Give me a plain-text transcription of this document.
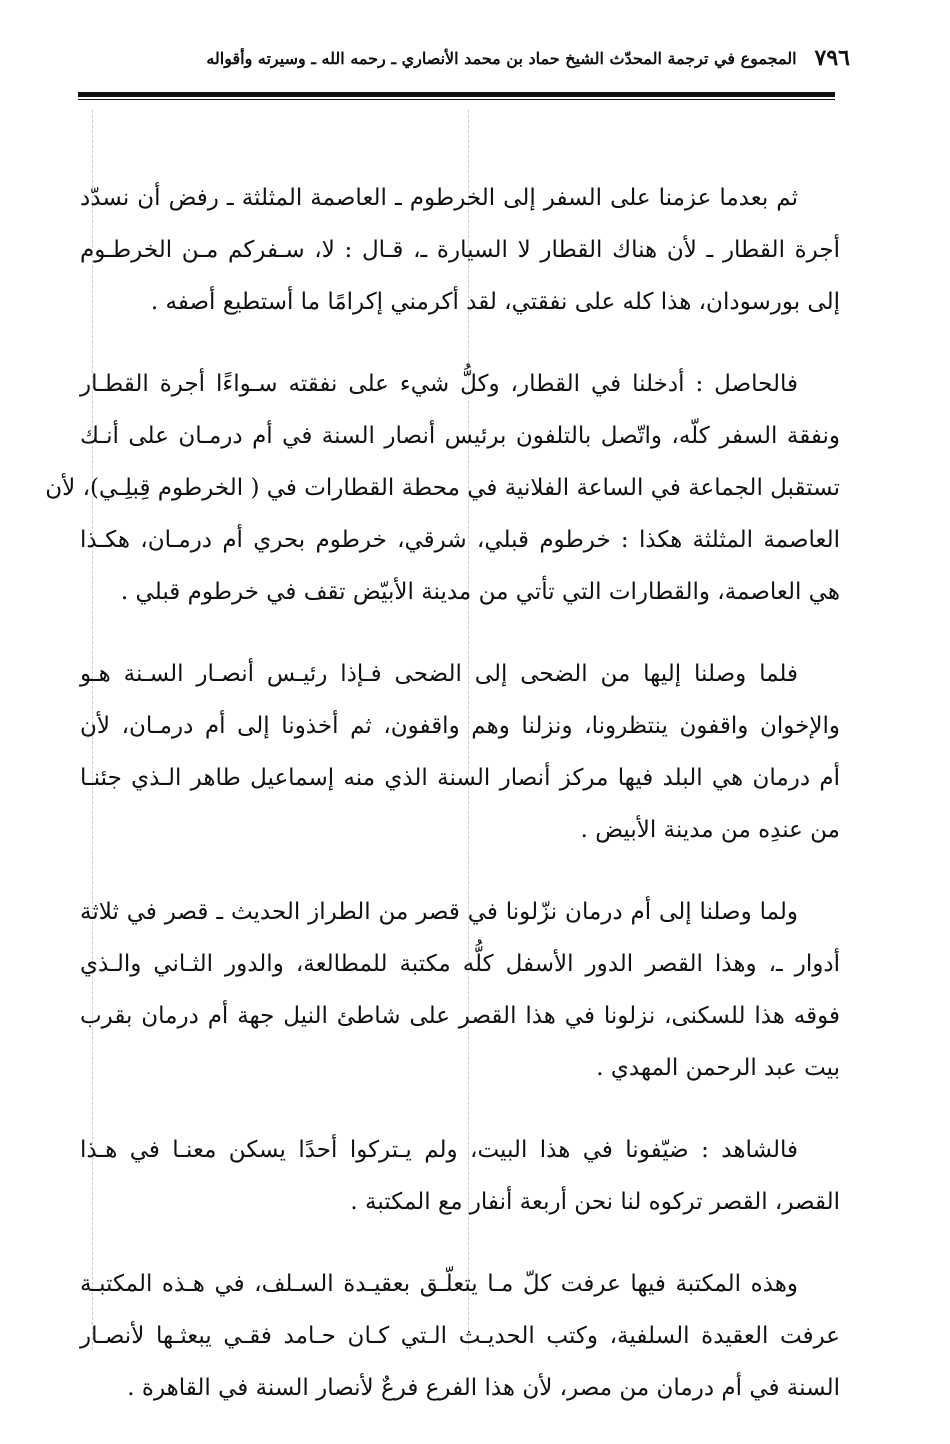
٧٩٦
المجموع في ترجمة المحدّث الشيخ حماد بن محمد الأنصاري ـ رحمه الله ـ وسيرته وأقواله

ثم بعدما عزمنا على السفر إلى الخرطوم ـ العاصمة المثلثة ـ رفض أن نسدّد
أجرة القطار ـ لأن هناك القطار لا السيارة ـ، قـال : لا، سـفركم مـن الخرطـوم
إلى بورسودان، هذا كله على نفقتي، لقد أكرمني إكرامًا ما أستطيع أصفه .

فالحاصل : أدخلنا في القطار، وكلُّ شيء على نفقته سـواءًا أجرة القطـار
ونفقة السفر كلّه، واتّصل بالتلفون برئيس أنصار السنة في أم درمـان على أنـك
تستقبل الجماعة في الساعة الفلانية في محطة القطارات في ( الخرطوم قِبلِـي)، لأن
العاصمة المثلثة هكذا : خرطوم قبلي، شرقي، خرطوم بحري أم درمـان، هكـذا
هي العاصمة، والقطارات التي تأتي من مدينة الأبيّض تقف في خرطوم قبلي .

فلما وصلنا إليها من الضحى إلى الضحى فـإذا رئيـس أنصـار السـنة هـو
والإخوان واقفون ينتظرونا، ونزلنا وهم واقفون، ثم أخذونا إلى أم درمـان، لأن
أم درمان هي البلد فيها مركز أنصار السنة الذي منه إسماعيل طاهر الـذي جئنـا
من عندِه من مدينة الأبيض .

ولما وصلنا إلى أم درمان نزّلونا في قصر من الطراز الحديث ـ قصر في ثلاثة
أدوار ـ، وهذا القصر الدور الأسفل كلُّه مكتبة للمطالعة، والدور الثـاني والـذي
فوقه هذا للسكنى، نزلونا في هذا القصر على شاطئ النيل جهة أم درمان بقرب
بيت عبد الرحمن المهدي .

فالشاهد : ضيّفونا في هذا البيت، ولم يـتركوا أحدًا يسكن معنـا في هـذا
القصر، القصر تركوه لنا نحن أربعة أنفار مع المكتبة .

وهذه المكتبة فيها عرفت كلّ مـا يتعلّـق بعقيـدة السـلف، في هـذه المكتبـة
عرفت العقيدة السلفية، وكتب الحديـث الـتي كـان حـامد فقـي يبعثـها لأنصـار
السنة في أم درمان من مصر، لأن هذا الفرع فرعٌ لأنصار السنة في القاهرة .
